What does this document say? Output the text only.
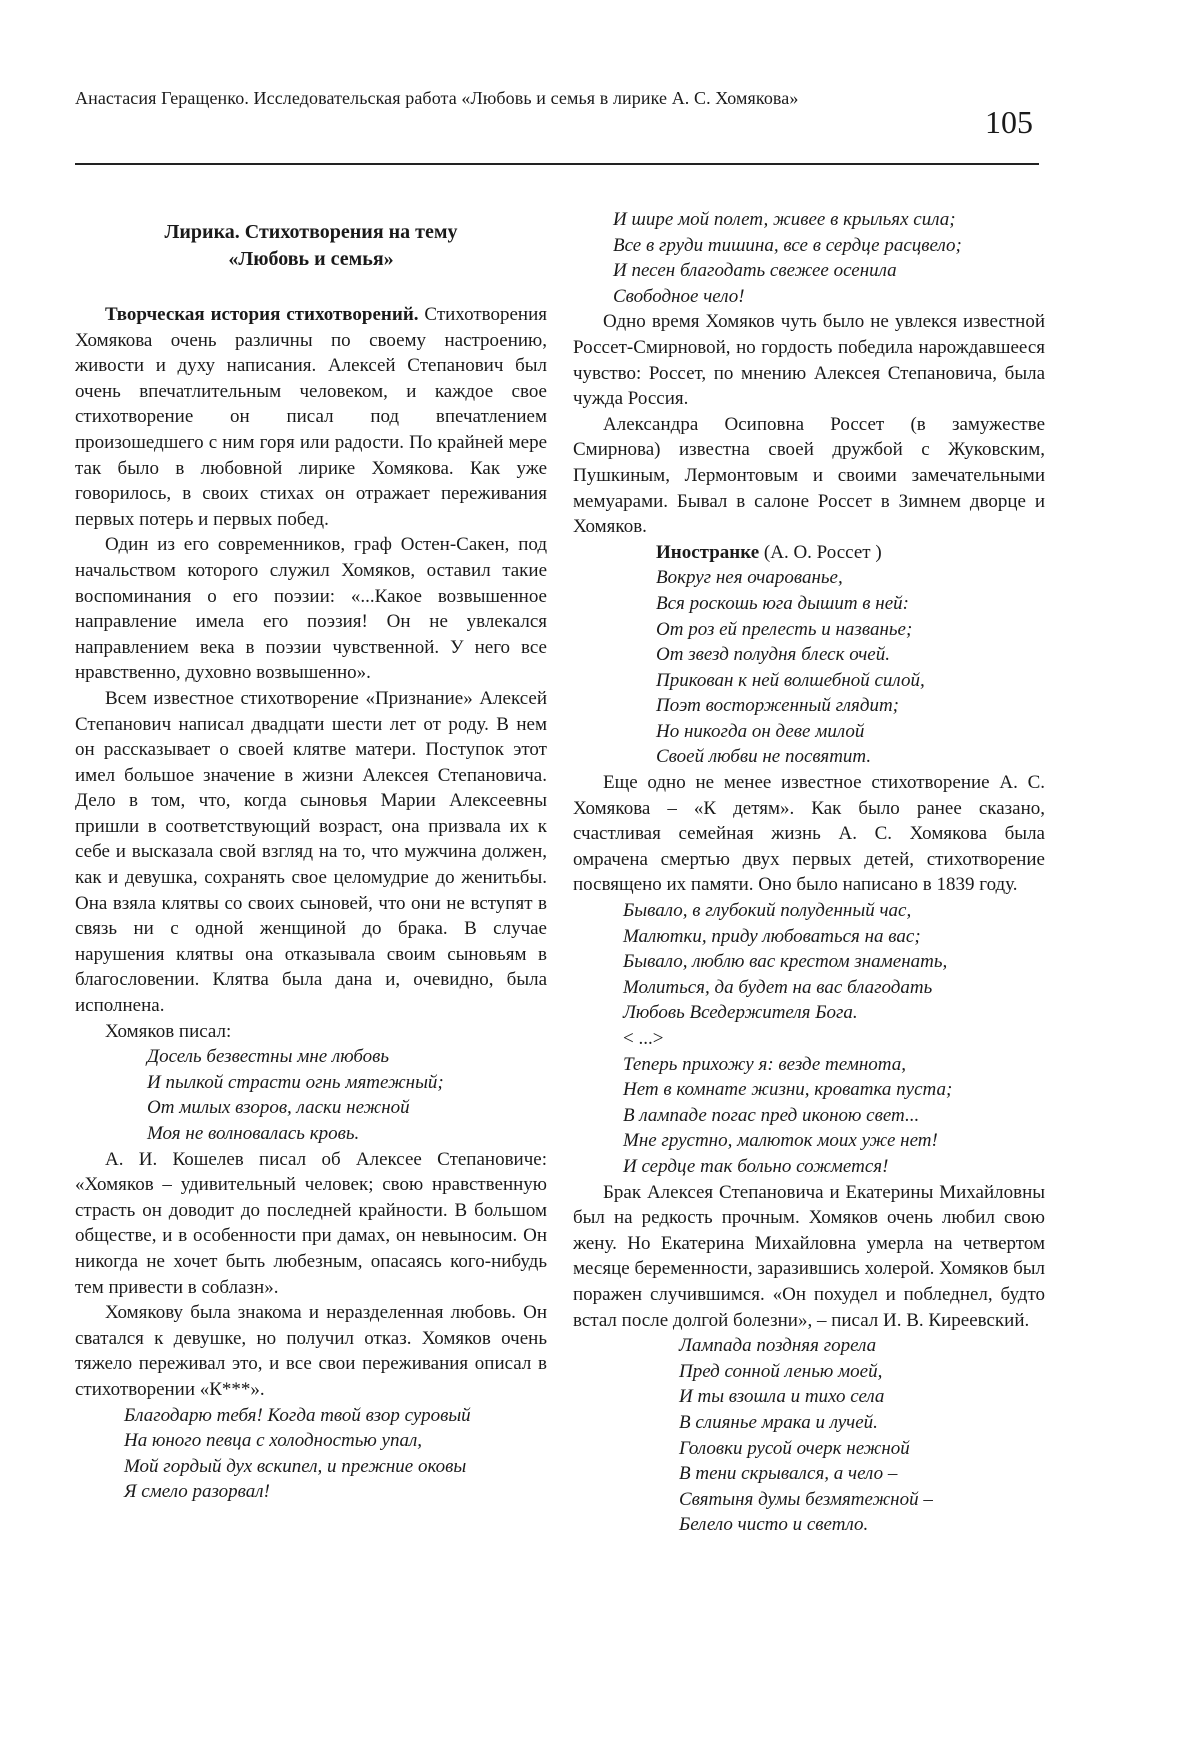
Анастасия Геращенко. Исследовательская работа «Любовь и семья в лирике А. С. Хомякова»
105
Лирика. Стихотворения на тему
«Любовь и семья»

Творческая история стихотворений. Стихотворения Хомякова очень различны по своему настроению, живости и духу написания. Алексей Степанович был очень впечатлительным человеком, и каждое свое стихотворение он писал под впечатлением произошедшего с ним горя или радости. По крайней мере так было в любовной лирике Хомякова. Как уже говорилось, в своих стихах он отражает переживания первых потерь и первых побед.

Один из его современников, граф Остен-Сакен, под начальством которого служил Хомяков, оставил такие воспоминания о его поэзии: «...Какое возвышенное направление имела его поэзия! Он не увлекался направлением века в поэзии чувственной. У него все нравственно, духовно возвышенно».

Всем известное стихотворение «Признание» Алексей Степанович написал двадцати шести лет от роду. В нем он рассказывает о своей клятве матери. Поступок этот имел большое значение в жизни Алексея Степановича. Дело в том, что, когда сыновья Марии Алексеевны пришли в соответствующий возраст, она призвала их к себе и высказала свой взгляд на то, что мужчина должен, как и девушка, сохранять свое целомудрие до женитьбы. Она взяла клятвы со своих сыновей, что они не вступят в связь ни с одной женщиной до брака. В случае нарушения клятвы она отказывала своим сыновьям в благословении. Клятва была дана и, очевидно, была исполнена.

Хомяков писал:

Досель безвестны мне любовь
И пылкой страсти огнь мятежный;
От милых взоров, ласки нежной
Моя не волновалась кровь.

А. И. Кошелев писал об Алексее Степановиче: «Хомяков – удивительный человек; свою нравственную страсть он доводит до последней крайности. В большом обществе, и в особенности при дамах, он невыносим. Он никогда не хочет быть любезным, опасаясь кого-нибудь тем привести в соблазн».

Хомякову была знакома и неразделенная любовь. Он сватался к девушке, но получил отказ. Хомяков очень тяжело переживал это, и все свои переживания описал в стихотворении «К***».

Благодарю тебя! Когда твой взор суровый
На юного певца с холодностью упал,
Мой гордый дух вскипел, и прежние оковы
Я смело разорвал!
И шире мой полет, живее в крыльях сила;
Все в груди тишина, все в сердце расцвело;
И песен благодать свежее осенила
Свободное чело!

Одно время Хомяков чуть было не увлекся известной Россет-Смирновой, но гордость победила нарождавшееся чувство: Россет, по мнению Алексея Степановича, была чужда Россия.

Александра Осиповна Россет (в замужестве Смирнова) известна своей дружбой с Жуковским, Пушкиным, Лермонтовым и своими замечательными мемуарами. Бывал в салоне Россет в Зимнем дворце и Хомяков.

Иностранке (А. О. Россет )
Вокруг нея очарованье,
Вся роскошь юга дышит в ней:
От роз ей прелесть и названье;
От звезд полудня блеск очей.
Прикован к ней волшебной силой,
Поэт восторженный глядит;
Но никогда он деве милой
Своей любви не посвятит.

Еще одно не менее известное стихотворение А. С. Хомякова – «К детям». Как было ранее сказано, счастливая семейная жизнь А. С. Хомякова была омрачена смертью двух первых детей, стихотворение посвящено их памяти. Оно было написано в 1839 году.

Бывало, в глубокий полуденный час,
Малютки, приду любоваться на вас;
Бывало, люблю вас крестом знаменать,
Молиться, да будет на вас благодать
Любовь Вседержителя Бога.
< ...>
Теперь прихожу я: везде темнота,
Нет в комнате жизни, кроватка пуста;
В лампаде погас пред иконою свет...
Мне грустно, малюток моих уже нет!
И сердце так больно сожмется!

Брак Алексея Степановича и Екатерины Михайловны был на редкость прочным. Хомяков очень любил свою жену. Но Екатерина Михайловна умерла на четвертом месяце беременности, заразившись холерой. Хомяков был поражен случившимся. «Он похудел и побледнел, будто встал после долгой болезни», – писал И. В. Киреевский.

Лампада поздняя горела
Пред сонной ленью моей,
И ты взошла и тихо села
В слиянье мрака и лучей.
Головки русой очерк нежной
В тени скрывался, а чело –
Святыня думы безмятежной –
Белело чисто и светло.
